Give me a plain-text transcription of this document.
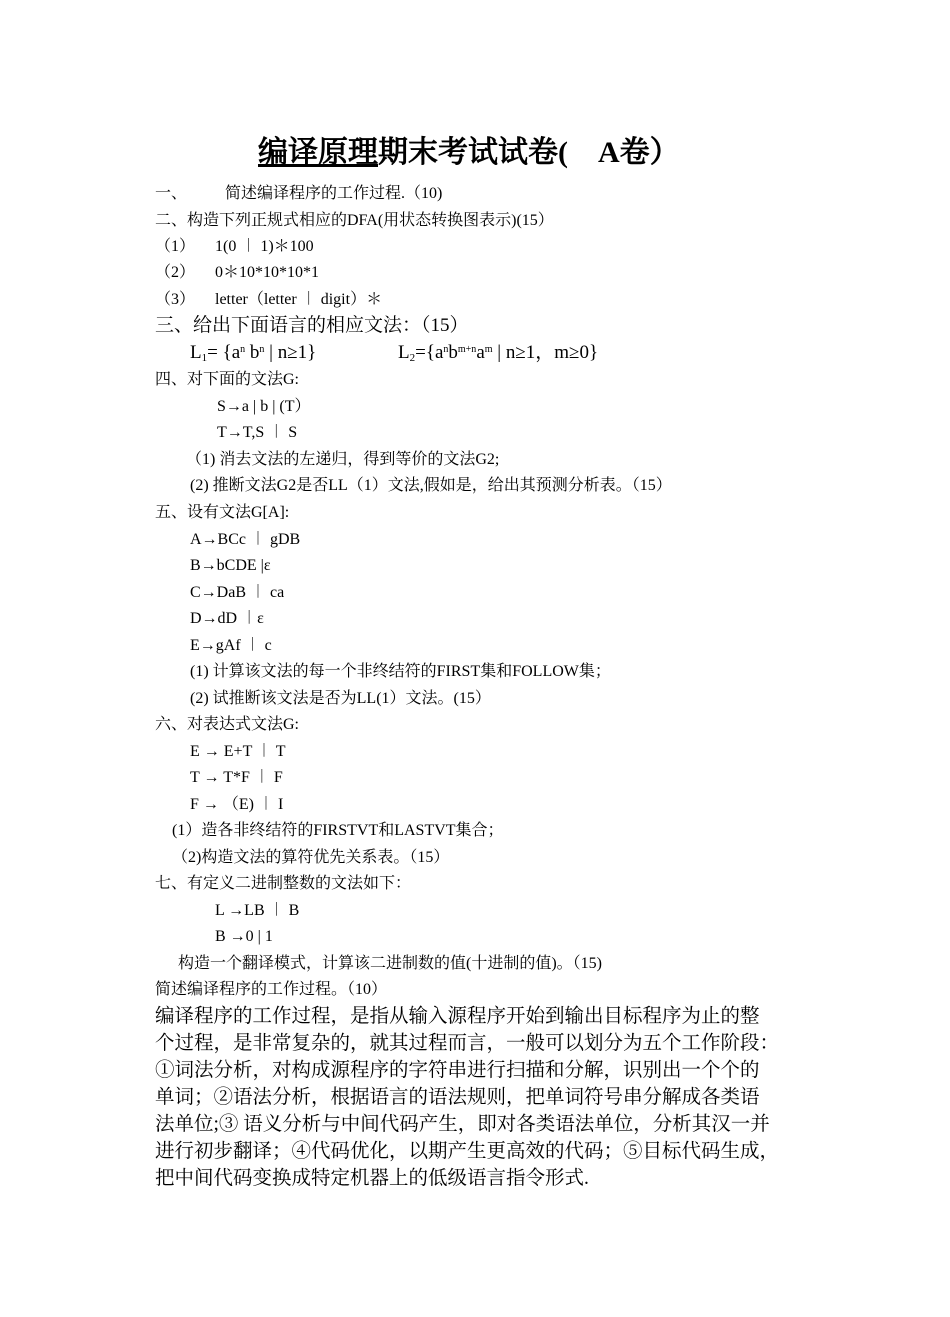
编译原理期末考试试卷(　A卷）
一、 简述编译程序的工作过程.（10)
二、构造下列正规式相应的DFA(用状态转换图表示)(15）
（1） 1(0 ︱ 1)＊100
（2） 0＊10*10*10*1
（3） letter（letter ︱ digit）＊
三、给出下面语言的相应文法：（15）
$L_1= \{a^n$ $b^n$ | n≥1}	$L_2=\{a^nb^{m+n}a^m$ | n≥1，m≥0}
四、对下面的文法G:
S→a | b | (T）
T→T,S ︱ S
（1) 消去文法的左递归，得到等价的文法G2;
(2) 推断文法G2是否LL（1）文法,假如是，给出其预测分析表。（15）
五、设有文法G[A]:
A→BCc ︱ gDB
B→bCDE |ε
C→DaB ︱ ca
D→dD ︱ε
E→gAf ︱ c
(1) 计算该文法的每一个非终结符的FIRST集和FOLLOW集；
(2) 试推断该文法是否为LL(1）文法。(15）
六、对表达式文法G:
E → E+T ︱ T
T → T*F ︱ F
F → （E) ︱ I
(1）造各非终结符的FIRSTVT和LASTVT集合；
（2)构造文法的算符优先关系表。（15）
七、有定义二进制整数的文法如下：
L →LB ︱ B
B →0 | 1
构造一个翻译模式，计算该二进制数的值(十进制的值)。（15)
简述编译程序的工作过程。（10）
编译程序的工作过程，是指从输入源程序开始到输出目标程序为止的整
个过程，是非常复杂的，就其过程而言，一般可以划分为五个工作阶段：
①词法分析，对构成源程序的字符串进行扫描和分解，识别出一个个的
单词；②语法分析，根据语言的语法规则，把单词符号串分解成各类语
法单位;③ 语义分析与中间代码产生，即对各类语法单位，分析其汉一并
进行初步翻译；④代码优化，以期产生更高效的代码；⑤目标代码生成，
把中间代码变换成特定机器上的低级语言指令形式.
